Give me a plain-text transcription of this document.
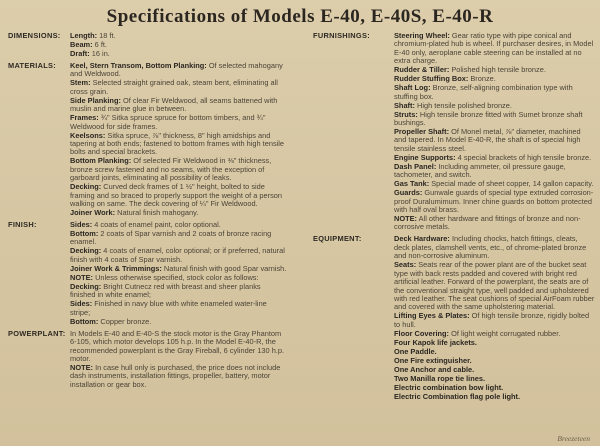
Specifications of Models E-40, E-40S, E-40-R
DIMENSIONS:	Length: 18 ft.
Beam: 6 ft.
Draft: 16 in.
MATERIALS:	Keel, Stern Transom, Bottom Planking: Of selected mahogany and Weldwood.
Stem: Selected straight grained oak, steam bent, eliminating all cross grain.
Side Planking: Of clear Fir Weldwood, all seams battened with muslin and marine glue in between.
Frames: ¾" Sitka spruce spruce for bottom timbers, and ¾" Weldwood for side frames.
Keelsons: Sitka spruce, ⅞" thickness, 8" high amidships and tapering at both ends; fastened to bottom frames with high tensile bolts and special brackets.
Bottom Planking: Of selected Fir Weldwood in ⅜" thickness, bronze screw fastened and no seams, with the exception of garboard joints, eliminating all possibility of leaks.
Decking: Curved deck frames of 1 ½" height, bolted to side framing and so braced to properly support the weight of a person walking on same. The deck covering of ¼" Fir Weldwood.
Joiner Work: Natural finish mahogany.
FINISH:	Sides: 4 coats of enamel paint, color optional.
Bottom: 2 coats of Spar varnish and 2 coats of bronze racing enamel.
Decking: 4 coats of enamel, color optional; or if preferred, natural finish with 4 coats of Spar varnish.
Joiner Work & Trimmings: Natural finish with good Spar varnish.
NOTE: Unless otherwise specified, stock color as follows:
Decking: Bright Cutnecz red with breast and sheer planks finished in white enamel;
Sides: Finished in navy blue with white enameled water-line stripe;
Bottom: Copper bronze.
POWERPLANT: In Models E-40 and E-40-S the stock motor is the Gray Phantom 6-105, which motor develops 105 h.p. In the Model E-40-R, the recommended powerplant is the Gray Fireball, 6 cylinder 130 h.p. motor.
NOTE: In case hull only is purchased, the price does not include dash instruments, installation fittings, propeller, battery, motor installation or gear box.
FURNISHINGS:	Steering Wheel: Gear ratio type with pipe conical and chromium-plated hub is wheel. If purchaser desires, in Model E-40 only, aeroplane cable steering can be installed at no extra charge.
Rudder & Tiller: Polished high tensile bronze.
Rudder Stuffing Box: Bronze.
Shaft Log: Bronze, self-aligning combination type with stuffing box.
Shaft: High tensile polished bronze.
Struts: High tensile bronze fitted with Sumet bronze shaft bushings.
Propeller Shaft: Of Monel metal, ⅞" diameter, machined and tapered. In Model E-40-R, the shaft is of special high tensile stainless steel.
Engine Supports: 4 special brackets of high tensile bronze.
Dash Panel: Including ammeter, oil pressure gauge, tachometer, and switch.
Gas Tank: Special made of sheet copper, 14 gallon capacity.
Guards: Gunwale guards of special type extruded corrosion-proof Duralumimum. Inner chine guards on bottom protected with half oval brass.
NOTE: All other hardware and fittings of bronze and non-corrosive metals.
EQUIPMENT:	Deck Hardware: Including chocks, hatch fittings, cleats, deck plates, clamshell vents, etc., of chrome-plated bronze and non-corrosive aluminum.
Seats: Seats rear of the power plant are of the bucket seat type with back rests padded and covered with bright red artificial leather. Forward of the powerplant, the seats are of the conventional straight type, well padded and upholstered with red leather. The seat cushions of special AirFoam rubber and covered with the same upholstering material.
Lifting Eyes & Plates: Of high tensile bronze, rigidly bolted to hull.
Floor Covering: Of light weight corrugated rubber.
Four Kapok life jackets.
One Paddle.
One Fire extinguisher.
One Anchor and cable.
Two Manilla rope tie lines.
Electric combination bow light.
Electric Combination flag pole light.
Breezeteen
